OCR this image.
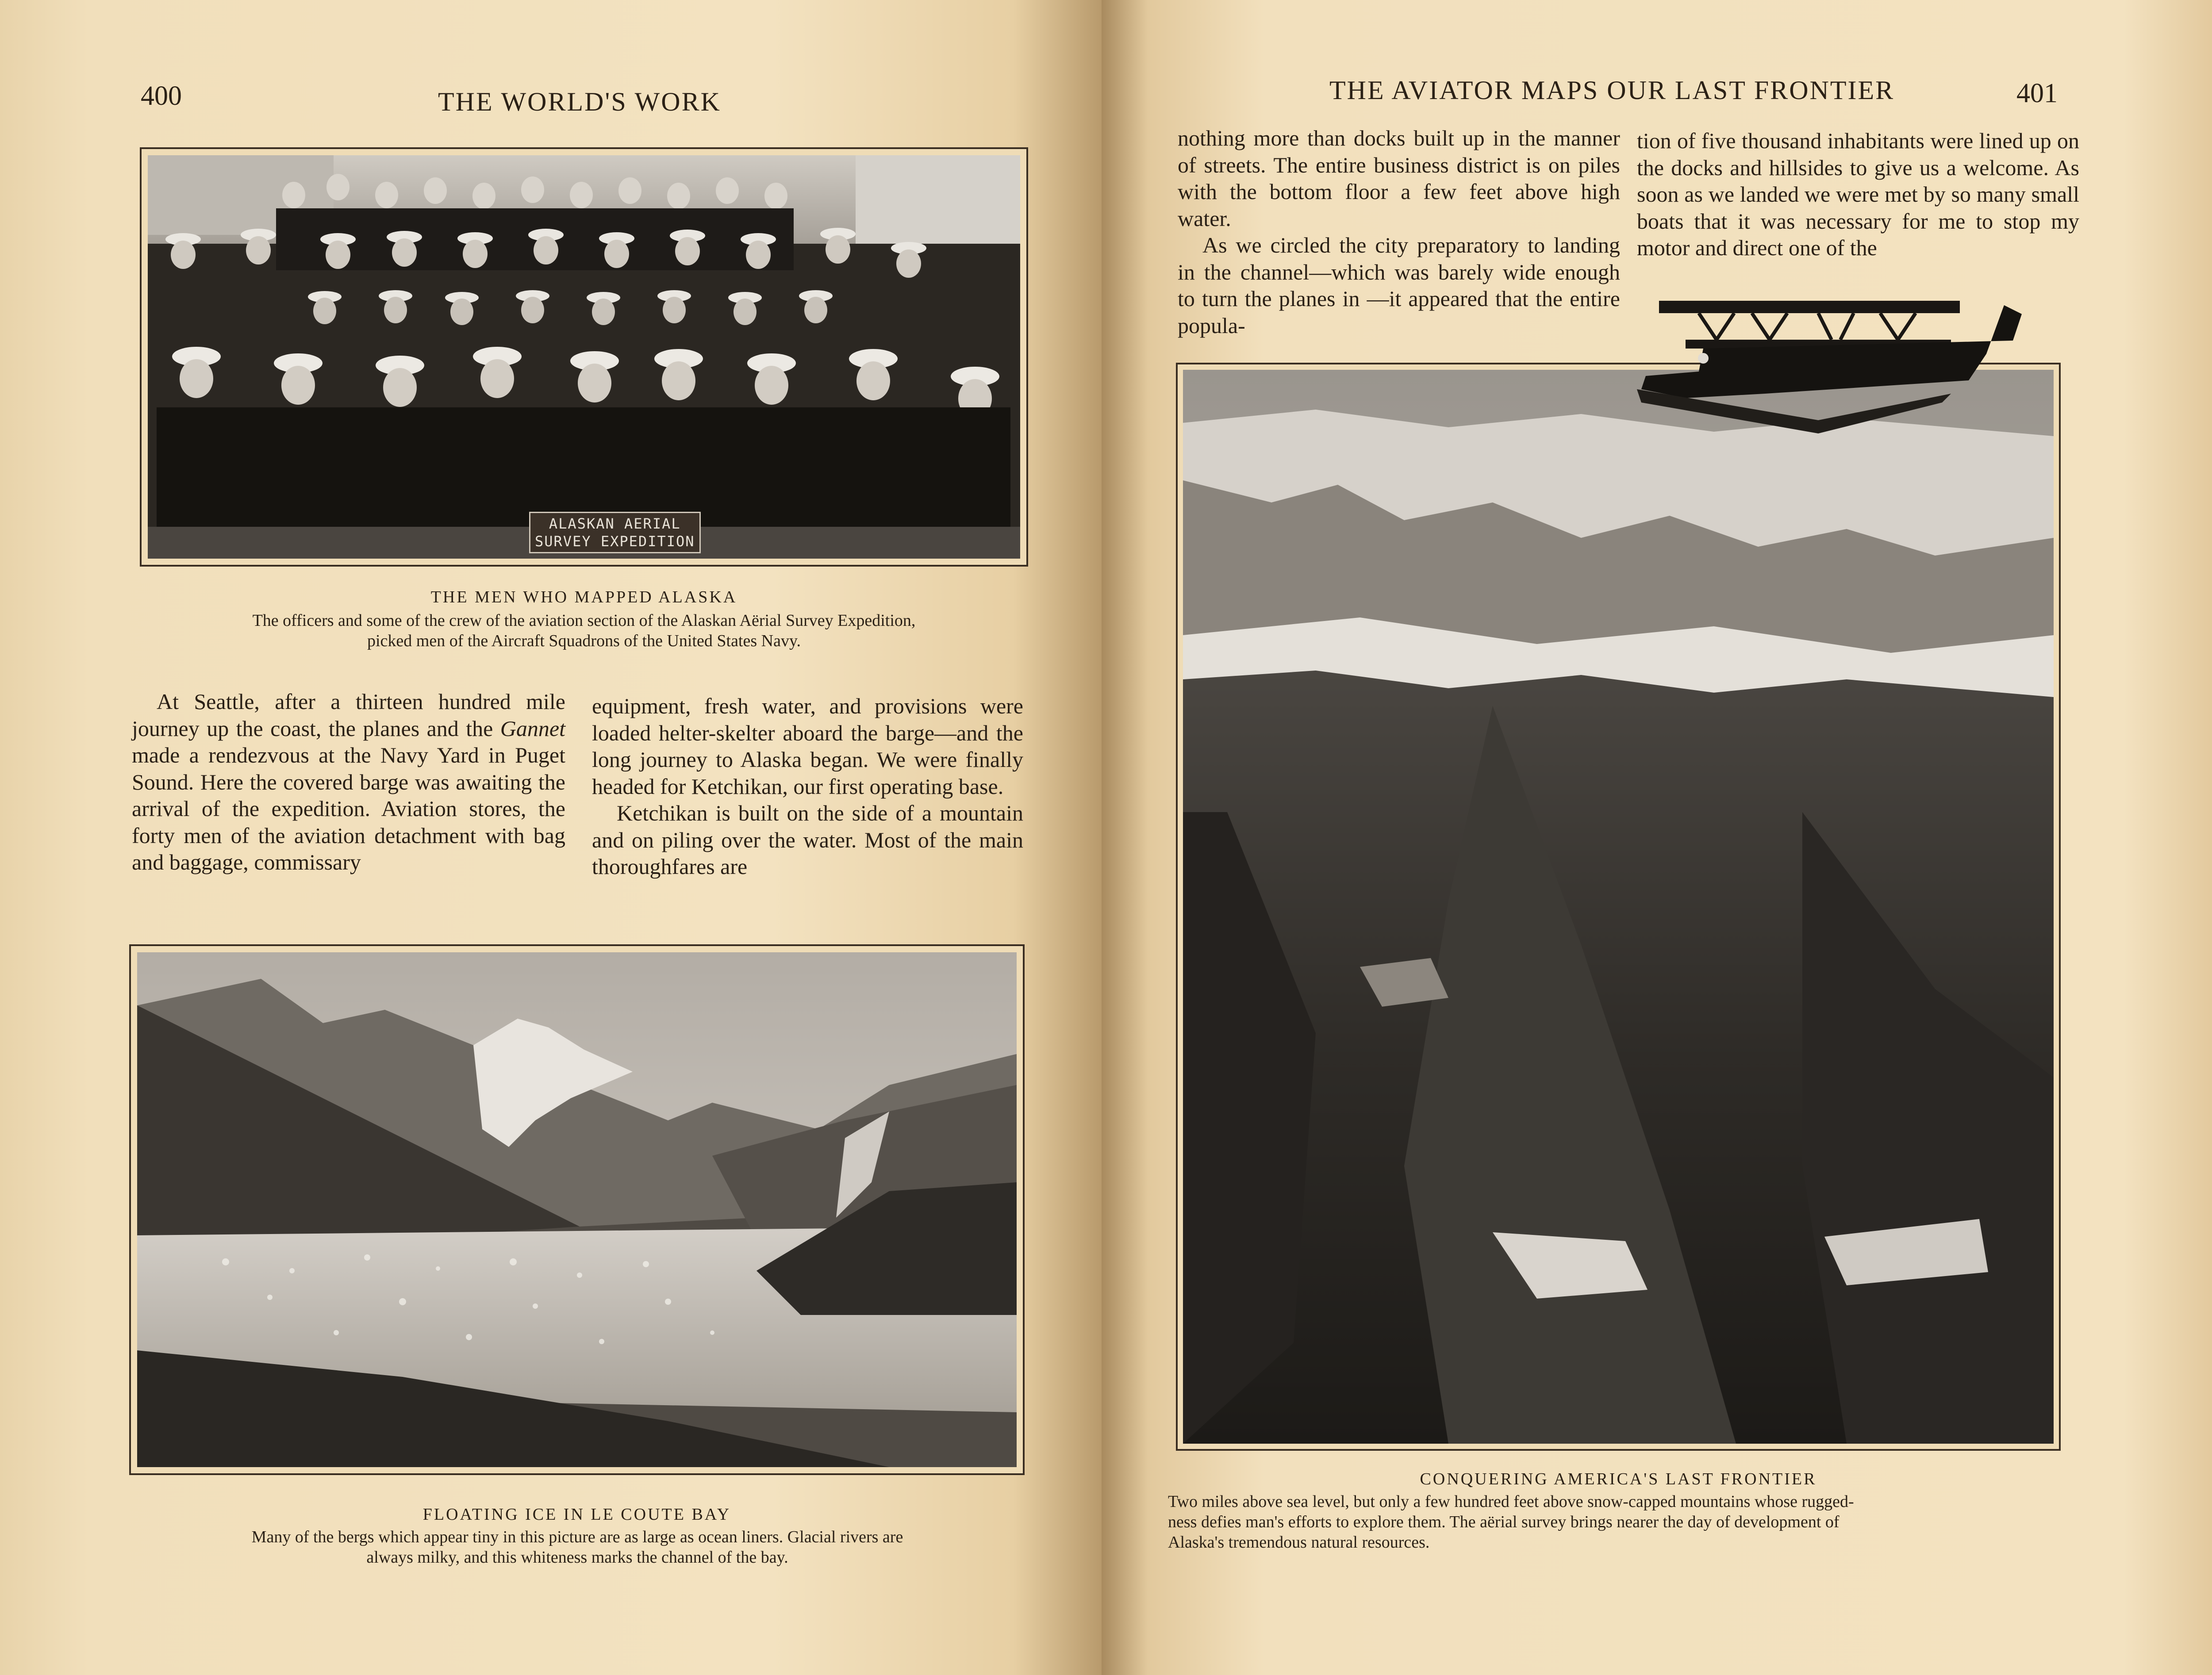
400	THE WORLD'S WORK
ALASKAN AERIAL
SURVEY EXPEDITION
THE MEN WHO MAPPED ALASKA
The officers and some of the crew of the aviation section of the Alaskan Aërial Survey Expedition,
picked men of the Aircraft Squadrons of the United States Navy.

At Seattle, after a thirteen hundred mile journey up the coast, the planes and the Gannet made a rendezvous at the Navy Yard in Puget Sound. Here the covered barge was awaiting the arrival of the expedition. Aviation stores, the forty men of the aviation detachment with bag and baggage, commissary

equipment, fresh water, and provisions were loaded helter-skelter aboard the barge—and the long journey to Alaska began. We were finally headed for Ketchikan, our first operating base.

Ketchikan is built on the side of a mountain and on piling over the water. Most of the main thoroughfares are

FLOATING ICE IN LE COUTE BAY
Many of the bergs which appear tiny in this picture are as large as ocean liners. Glacial rivers are
always milky, and this whiteness marks the channel of the bay.
THE AVIATOR MAPS OUR LAST FRONTIER	401

nothing more than docks built up in the manner of streets. The entire business district is on piles with the bottom floor a few feet above high water.

As we circled the city preparatory to landing in the channel—which was barely wide enough to turn the planes in —it appeared that the entire popula-

tion of five thousand inhabitants were lined up on the docks and hillsides to give us a welcome. As soon as we landed we were met by so many small boats that it was necessary for me to stop my motor and direct one of the

CONQUERING AMERICA'S LAST FRONTIER
Two miles above sea level, but only a few hundred feet above snow-capped mountains whose rugged-
ness defies man's efforts to explore them. The aërial survey brings nearer the day of development of
Alaska's tremendous natural resources.
